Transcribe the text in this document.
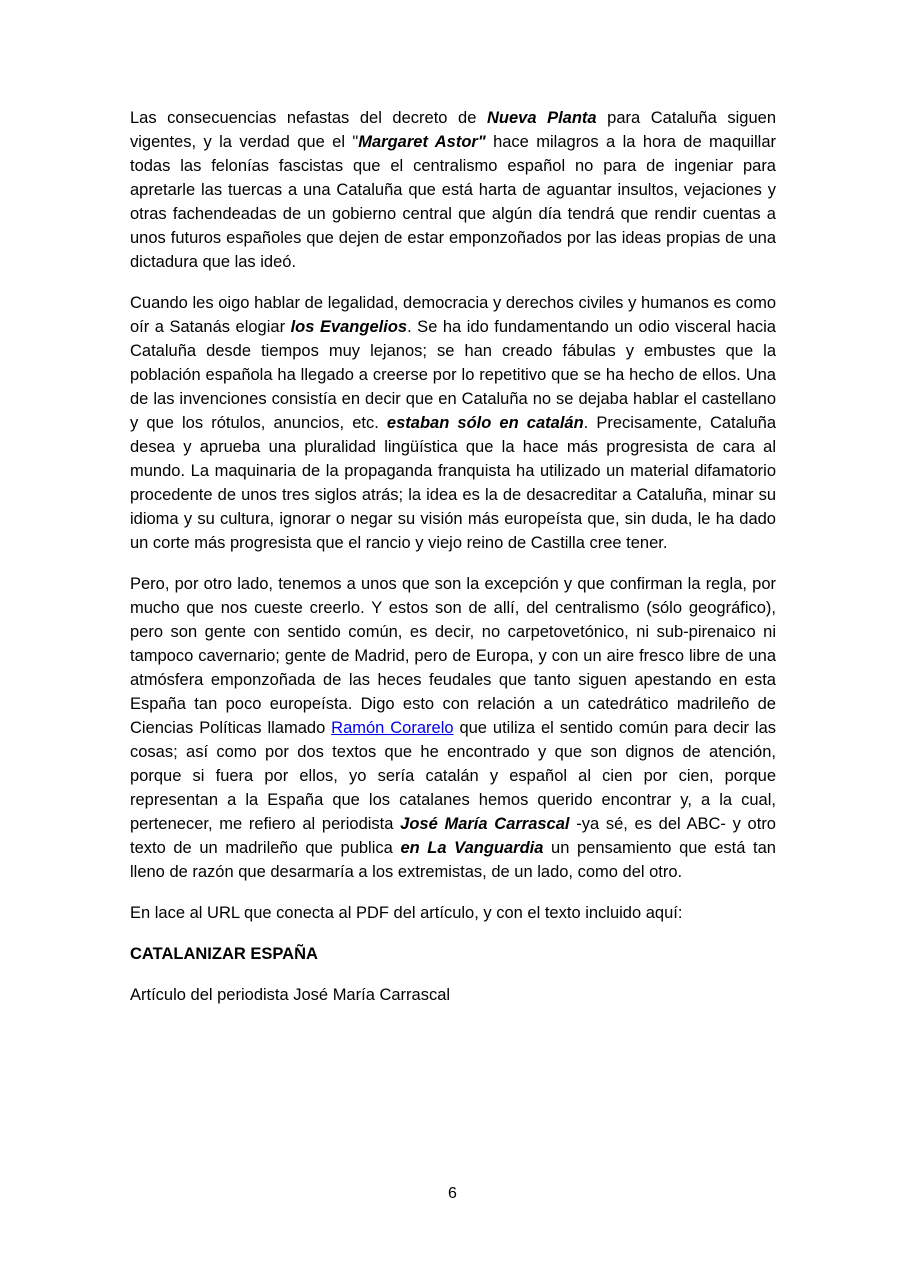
Las consecuencias nefastas del decreto de Nueva Planta para Cataluña siguen vigentes, y la verdad que el "Margaret Astor" hace milagros a la hora de maquillar todas las felonías fascistas que el centralismo español no para de ingeniar para apretarle las tuercas a una Cataluña que está harta de aguantar insultos, vejaciones y otras fachendeadas de un gobierno central que algún día tendrá que rendir cuentas a unos futuros españoles que dejen de estar emponzoñados por las ideas propias de una dictadura que las ideó.

Cuando les oigo hablar de legalidad, democracia y derechos civiles y humanos es como oír a Satanás elogiar los Evangelios. Se ha ido fundamentando un odio visceral hacia Cataluña desde tiempos muy lejanos; se han creado fábulas y embustes que la población española ha llegado a creerse por lo repetitivo que se ha hecho de ellos. Una de las invenciones consistía en decir que en Cataluña no se dejaba hablar el castellano y que los rótulos, anuncios, etc. estaban sólo en catalán. Precisamente, Cataluña desea y aprueba una pluralidad lingüística que la hace más progresista de cara al mundo. La maquinaria de la propaganda franquista ha utilizado un material difamatorio procedente de unos tres siglos atrás; la idea es la de desacreditar a Cataluña, minar su idioma y su cultura, ignorar o negar su visión más europeísta que, sin duda, le ha dado un corte más progresista que el rancio y viejo reino de Castilla cree tener.

Pero, por otro lado, tenemos a unos que son la excepción y que confirman la regla, por mucho que nos cueste creerlo. Y estos son de allí, del centralismo (sólo geográfico), pero son gente con sentido común, es decir, no carpetovetónico, ni sub-pirenaico ni tampoco cavernario; gente de Madrid, pero de Europa, y con un aire fresco libre de una atmósfera emponzoñada de las heces feudales que tanto siguen apestando en esta España tan poco europeísta. Digo esto con relación a un catedrático madrileño de Ciencias Políticas llamado Ramón Corarelo que utiliza el sentido común para decir las cosas; así como por dos textos que he encontrado y que son dignos de atención, porque si fuera por ellos, yo sería catalán y español al cien por cien, porque representan a la España que los catalanes hemos querido encontrar y, a la cual, pertenecer, me refiero al periodista José María Carrascal -ya sé, es del ABC- y otro texto de un madrileño que publica en La Vanguardia un pensamiento que está tan lleno de razón que desarmaría a los extremistas, de un lado, como del otro.

En lace al URL que conecta al PDF del artículo, y con el texto incluido aquí:

CATALANIZAR ESPAÑA

Artículo del periodista José María Carrascal

6
